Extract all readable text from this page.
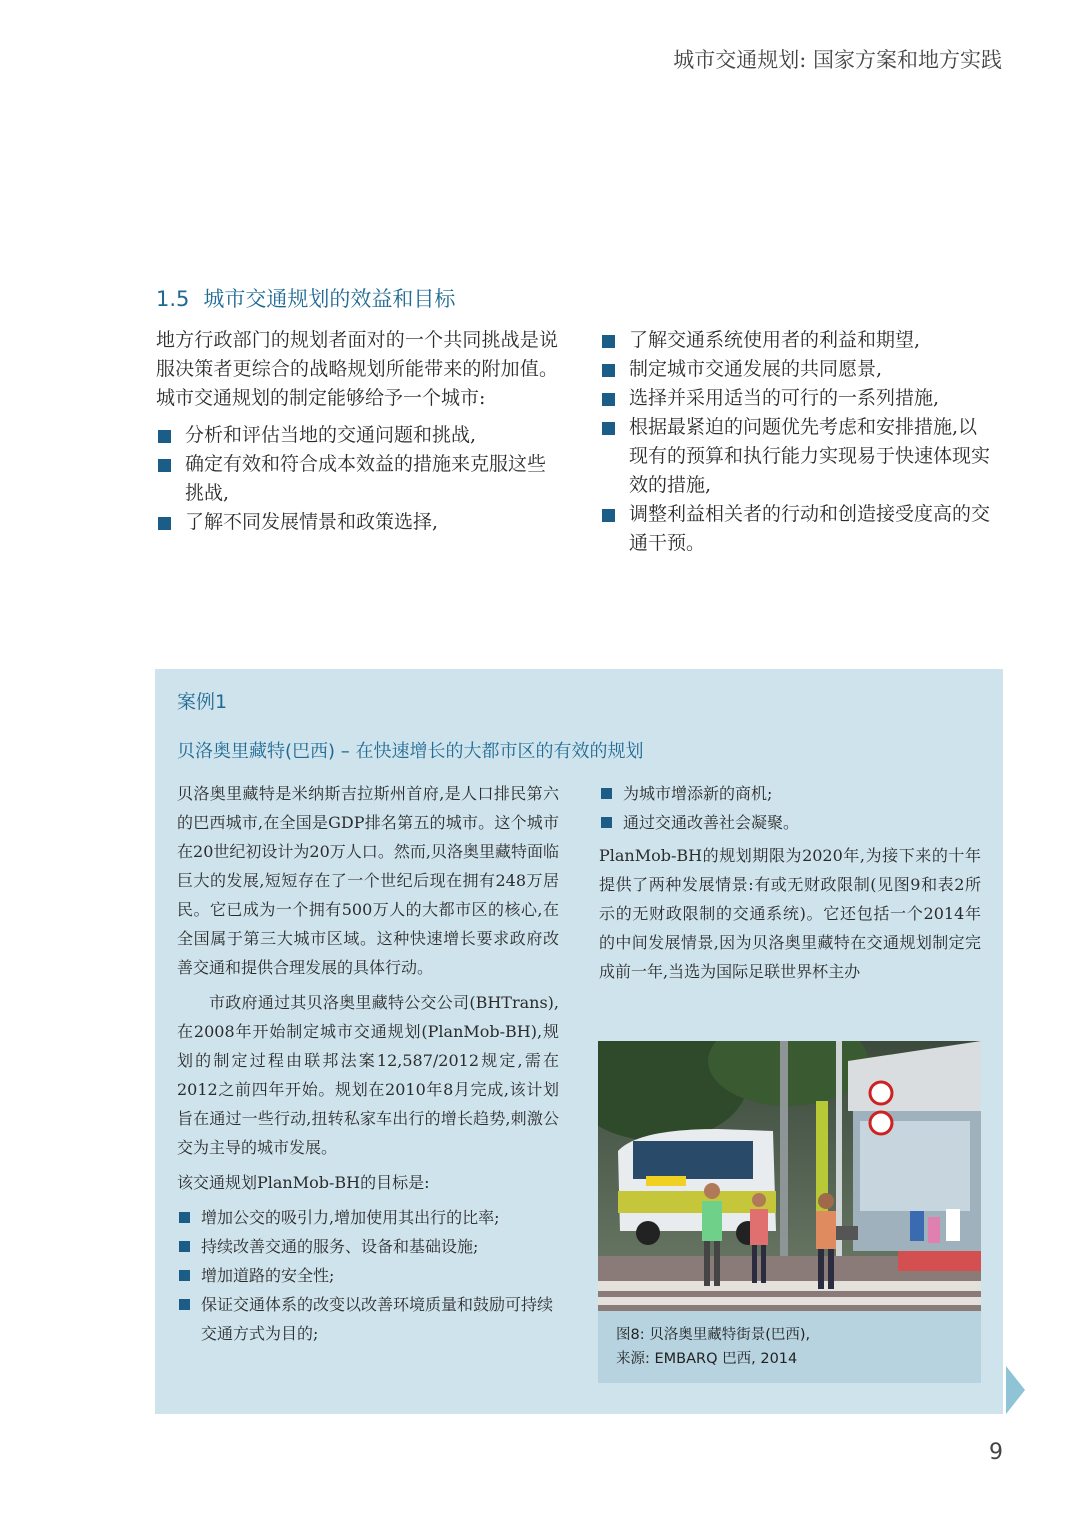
城市交通规划: 国家方案和地方实践
1.5 城市交通规划的效益和目标

地方行政部门的规划者面对的一个共同挑战是说服决策者更综合的战略规划所能带来的附加值。城市交通规划的制定能够给予一个城市:

分析和评估当地的交通问题和挑战,
确定有效和符合成本效益的措施来克服这些挑战,
了解不同发展情景和政策选择,
了解交通系统使用者的利益和期望,
制定城市交通发展的共同愿景,
选择并采用适当的可行的一系列措施,
根据最紧迫的问题优先考虑和安排措施,以现有的预算和执行能力实现易于快速体现实效的措施,
调整利益相关者的行动和创造接受度高的交通干预。
案例1
贝洛奥里藏特(巴西) – 在快速增长的大都市区的有效的规划

贝洛奥里藏特是米纳斯吉拉斯州首府,是人口排民第六的巴西城市,在全国是GDP排名第五的城市。这个城市在20世纪初设计为20万人口。然而,贝洛奥里藏特面临巨大的发展,短短存在了一个世纪后现在拥有248万居民。它已成为一个拥有500万人的大都市区的核心,在全国属于第三大城市区域。这种快速增长要求政府改善交通和提供合理发展的具体行动。

市政府通过其贝洛奥里藏特公交公司(BHTrans),在2008年开始制定城市交通规划(PlanMob-BH),规划的制定过程由联邦法案12,587/2012规定,需在2012之前四年开始。规划在2010年8月完成,该计划旨在通过一些行动,扭转私家车出行的增长趋势,刺激公交为主导的城市发展。

该交通规划PlanMob-BH的目标是:

增加公交的吸引力,增加使用其出行的比率;
持续改善交通的服务、设备和基础设施;
增加道路的安全性;
保证交通体系的改变以改善环境质量和鼓励可持续交通方式为目的;
为城市增添新的商机;
通过交通改善社会凝聚。

PlanMob-BH的规划期限为2020年,为接下来的十年提供了两种发展情景:有或无财政限制(见图9和表2所示的无财政限制的交通系统)。它还包括一个2014年的中间发展情景,因为贝洛奥里藏特在交通规划制定完成前一年,当选为国际足联世界杯主办

图8: 贝洛奥里藏特街景(巴西),
来源: EMBARQ 巴西, 2014
9
